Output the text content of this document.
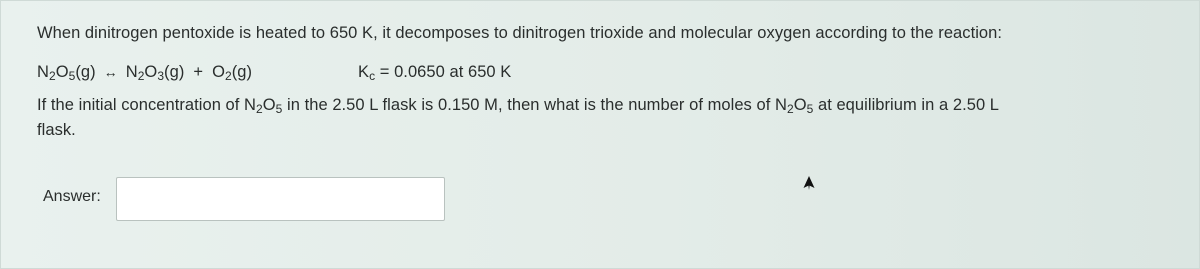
When dinitrogen pentoxide is heated to 650 K, it decomposes to dinitrogen trioxide and molecular oxygen according to the reaction:
$N_2O_5(g)$ ↔ $N_2O_3(g) + O_2(g)$	$K_c = 0.0650$ at 650 K
If the initial concentration of $N_2O_5$ in the 2.50 L flask is 0.150 M, then what is the number of moles of $N_2O_5$ at equilibrium in a 2.50 L
flask.
Answer:
